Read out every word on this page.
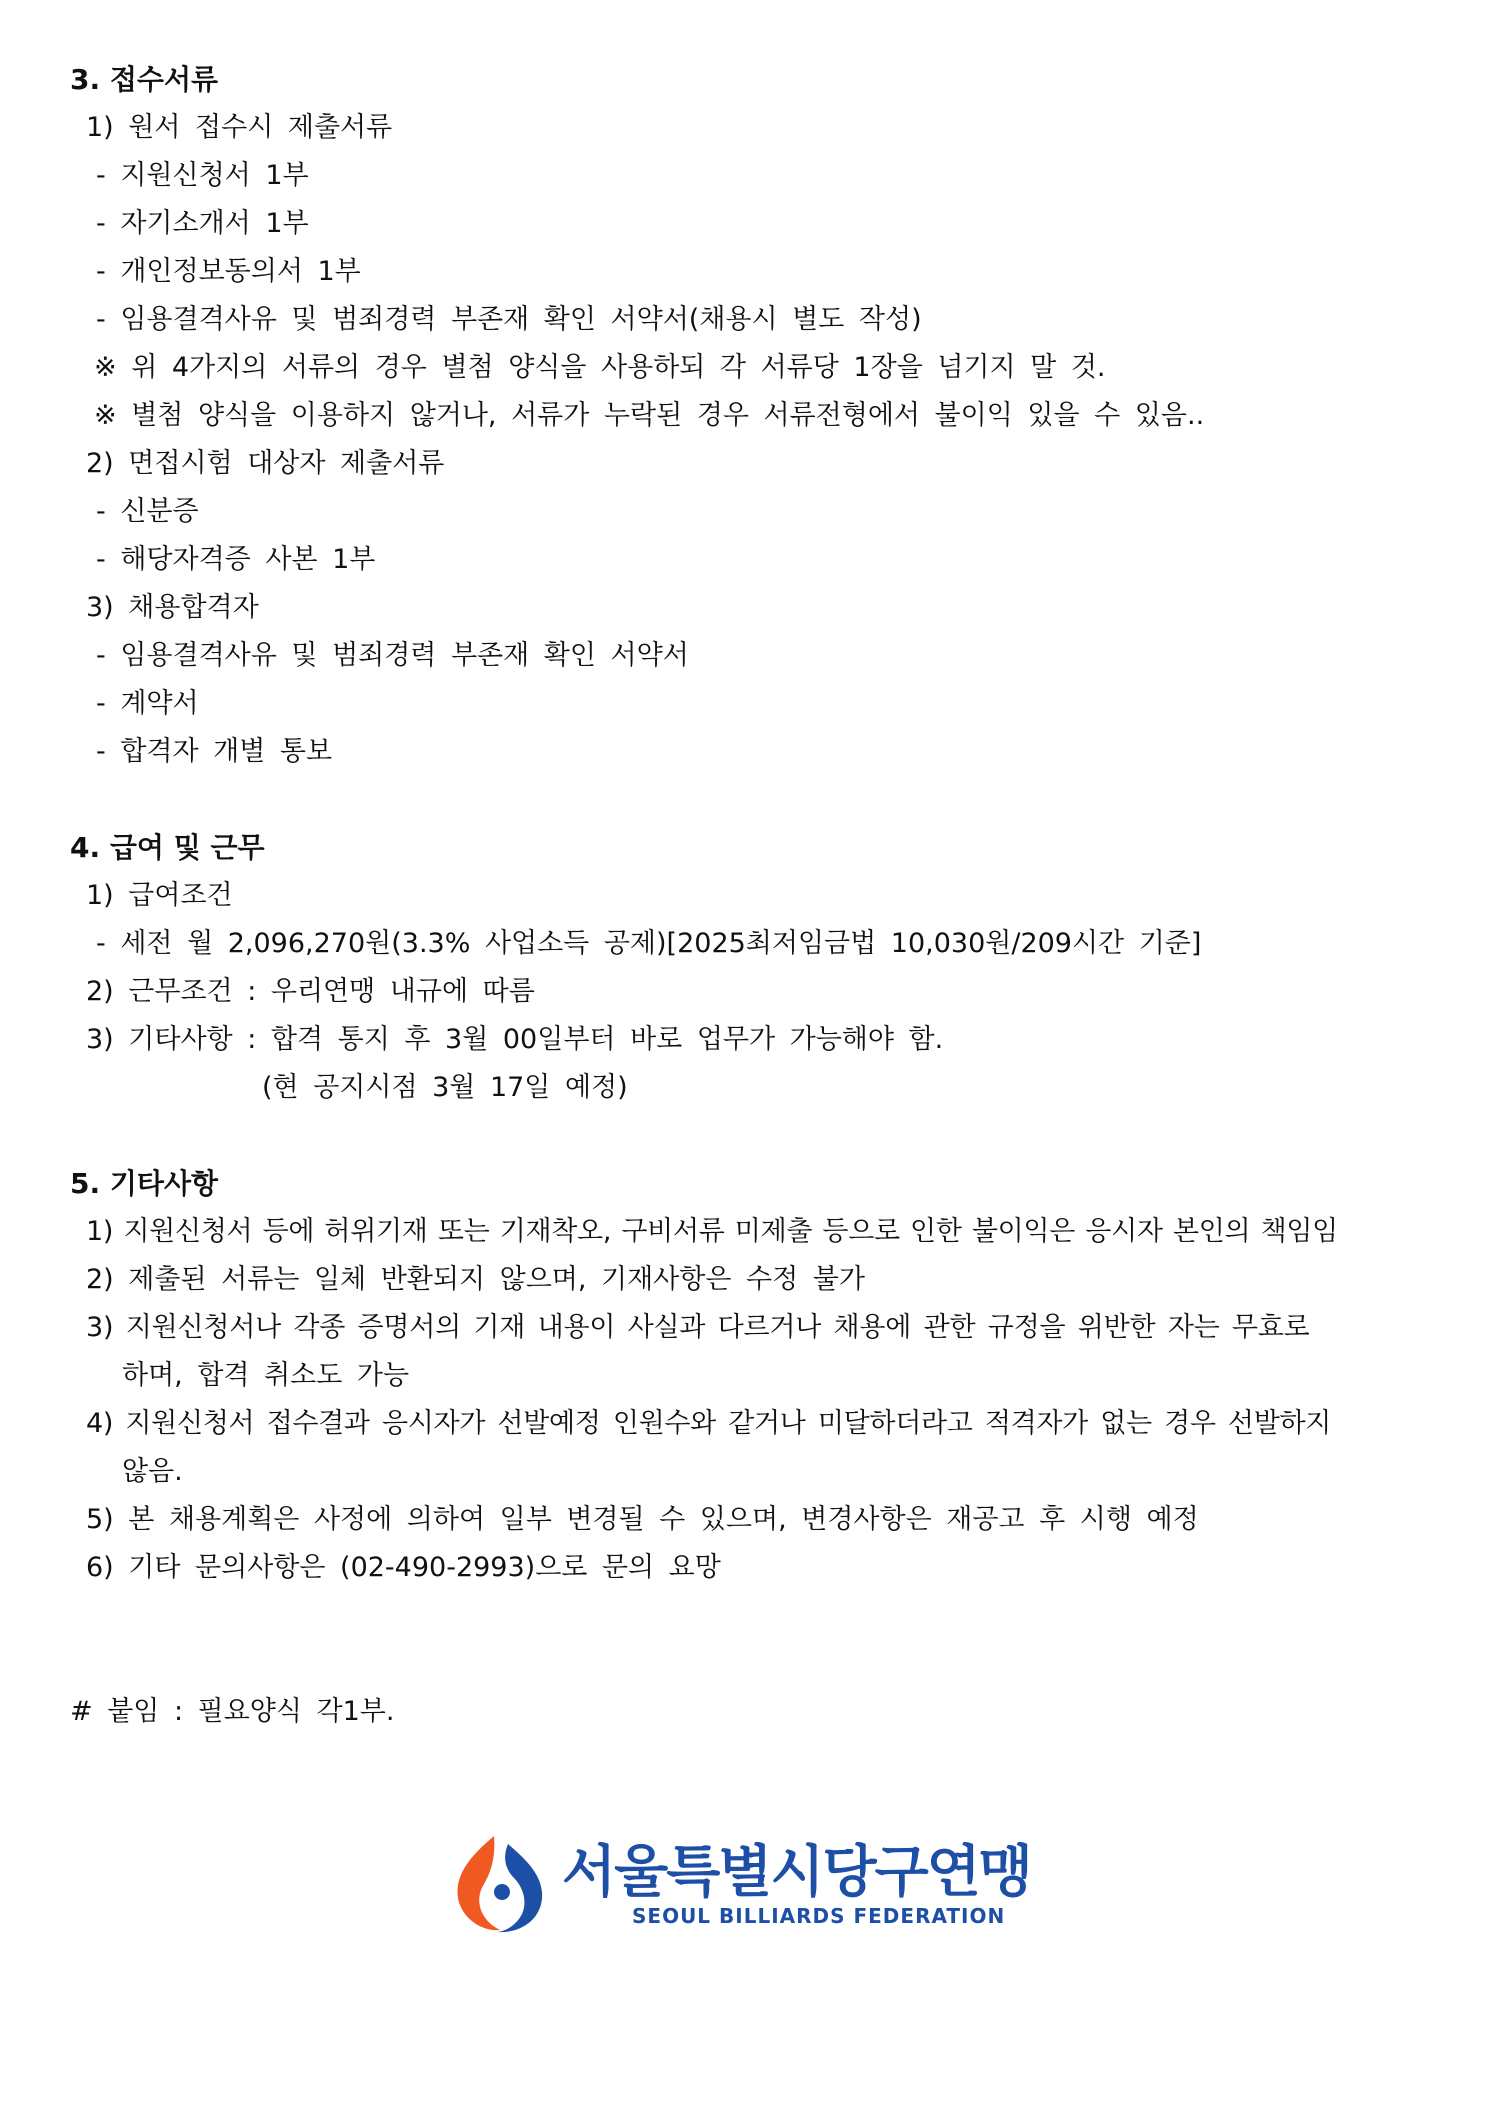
3. 접수서류
1) 원서 접수시 제출서류
- 지원신청서 1부
- 자기소개서 1부
- 개인정보동의서 1부
- 임용결격사유 및 범죄경력 부존재 확인 서약서(채용시 별도 작성)
※ 위 4가지의 서류의 경우 별첨 양식을 사용하되 각 서류당 1장을 넘기지 말 것.
※ 별첨 양식을 이용하지 않거나, 서류가 누락된 경우 서류전형에서 불이익 있을 수 있음..
2) 면접시험 대상자 제출서류
- 신분증
- 해당자격증 사본 1부
3) 채용합격자
- 임용결격사유 및 범죄경력 부존재 확인 서약서
- 계약서
- 합격자 개별 통보
4. 급여 및 근무
1) 급여조건
- 세전 월 2,096,270원(3.3% 사업소득 공제)[2025최저임금법 10,030원/209시간 기준]
2) 근무조건 : 우리연맹 내규에 따름
3) 기타사항 : 합격 통지 후 3월 00일부터 바로 업무가 가능해야 함.
(현 공지시점 3월 17일 예정)
5. 기타사항
1) 지원신청서 등에 허위기재 또는 기재착오, 구비서류 미제출 등으로 인한 불이익은 응시자 본인의 책임임
2) 제출된 서류는 일체 반환되지 않으며, 기재사항은 수정 불가
3) 지원신청서나 각종 증명서의 기재 내용이 사실과 다르거나 채용에 관한 규정을 위반한 자는 무효로
하며, 합격 취소도 가능
4) 지원신청서 접수결과 응시자가 선발예정 인원수와 같거나 미달하더라고 적격자가 없는 경우 선발하지
않음.
5) 본 채용계획은 사정에 의하여 일부 변경될 수 있으며, 변경사항은 재공고 후 시행 예정
6) 기타 문의사항은 (02-490-2993)으로 문의 요망
# 붙임 : 필요양식 각1부.
서울특별시당구연맹
SEOUL BILLIARDS FEDERATION
